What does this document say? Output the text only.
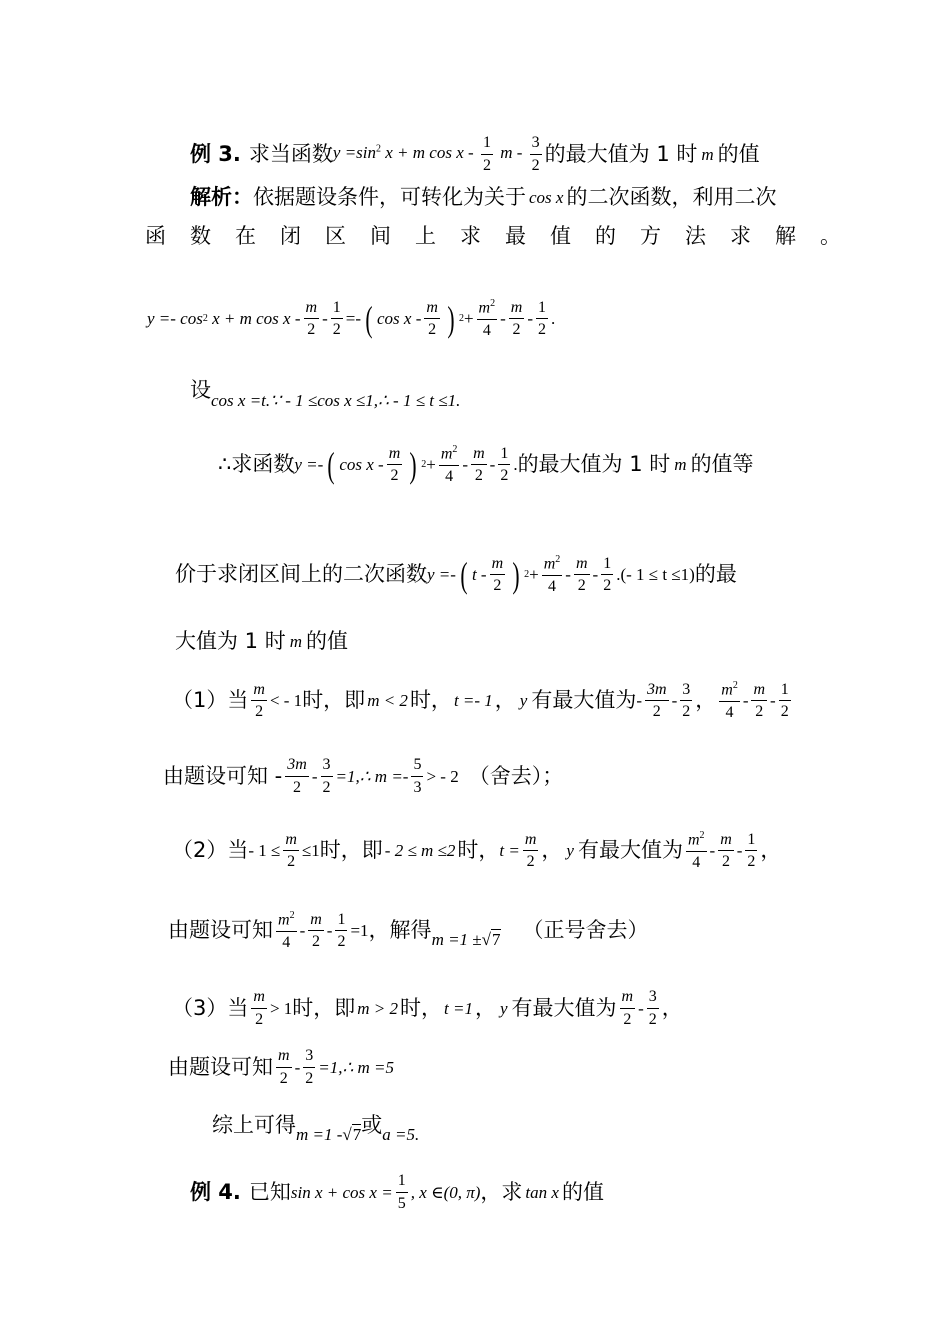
例 3. 求当函数 $y =\sin^2$ x + m cos x - $\frac{1}{2}$ m - $\frac{3}{2}$ 的最大值为 1 时 m 的值
解析： 依据题设条件，可转化为关于 cos x 的二次函数，利用二次
函数在闭区间上求最值的方法求解。
y =- cos 2
x + m cos x - $\frac{m}{2} - \frac{1}{2}$ =- ( cos x - $\frac{m}{2}$ ) $2 + \frac{m^2}{4} - \frac{m}{2} - \frac{1}{2}$ .
设 cos x =t.∵ - 1 ≤cos x ≤1,∴ - 1 ≤ t ≤1.
∴求函数 y =- ( cos x - $\frac{m}{2}$ ) $2 + \frac{m^2}{4} - \frac{m}{2} - \frac{1}{2}$ . 的最大值为 1 时 m 的值等
价于求闭区间上的二次函数 y =- ( t - $\frac{m}{2}$ ) $2 + \frac{m^2}{4} - \frac{m}{2} - \frac{1}{2}$ .(- 1 ≤ t ≤1) 的最
大值为 1 时 m 的值
（1）当 $\frac{m}{2}$ < - 1 时，即 m < 2 时， t =- 1 ， y 有最大值为 - $\frac{3m}{2} - \frac{3}{2}$ ， $\frac{m^2}{4} - \frac{m}{2} - \frac{1}{2}$
由题设可知 - $\frac{3m}{2} - \frac{3}{2}$ =1,∴ $m =- \frac{5}{3}$ > - 2 （舍去）；
（2）当 - $1 \le \frac{m}{2} \le 1$ 时，即 - 2 ≤ m ≤2 时， $t = \frac{m}{2}$ ， y 有最大值为 $\frac{m^2}{4} - \frac{m}{2} - \frac{1}{2}$ ，
由题设可知 $\frac{m^2}{4} - \frac{m}{2} - \frac{1}{2} =1$ ，解得 m =1 ±√7 （正号舍去）
（3）当 $\frac{m}{2} > 1$ 时，即 m > 2 时， t =1 ， y 有最大值为 $\frac{m}{2} - \frac{3}{2}$ ，
由题设可知 $\frac{m}{2} - \frac{3}{2}$ =1,∴ m =5
综上可得 m =1 -√7 或 a =5.
例 4. 已知 $\sin x + \cos x = \frac{1}{5}$ , x ∈(0, π) ，求 tan x 的值
